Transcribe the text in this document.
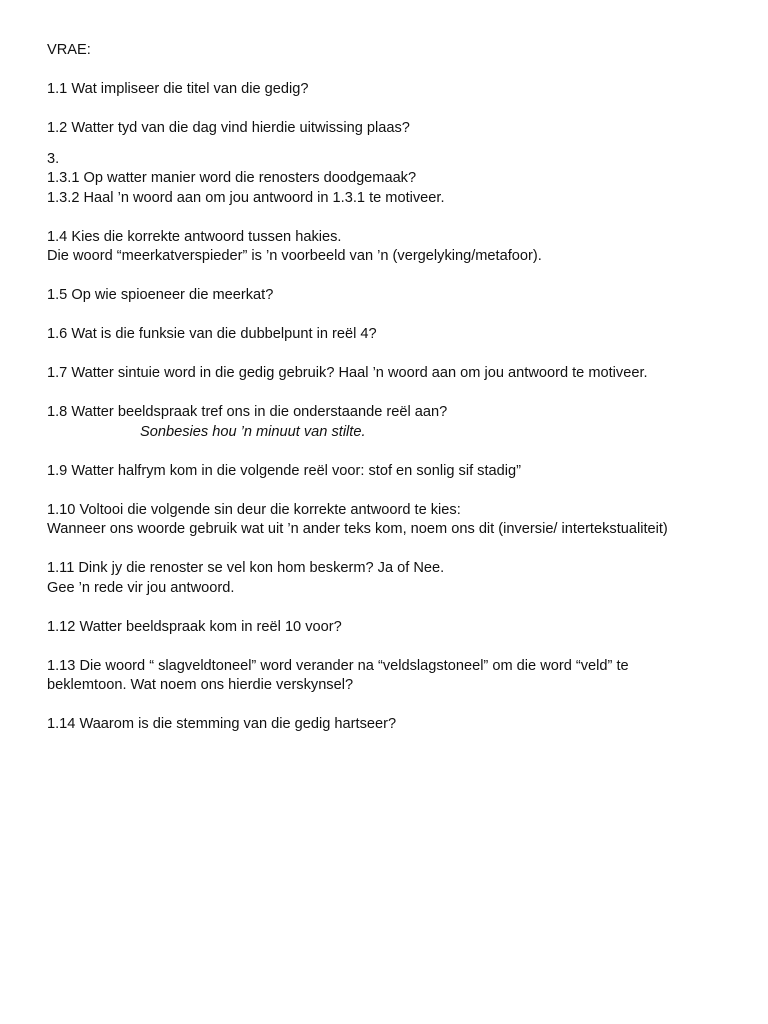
VRAE:
1.1 Wat impliseer die titel van die gedig?
1.2 Watter tyd van die dag vind hierdie uitwissing plaas?
3.
1.3.1 Op watter manier word die renosters doodgemaak?
1.3.2 Haal ’n woord aan om jou antwoord in 1.3.1 te motiveer.
1.4 Kies die korrekte antwoord tussen hakies.
Die woord “meerkatverspieder” is ’n voorbeeld van ’n (vergelyking/metafoor).
1.5 Op wie spioeneer die meerkat?
1.6 Wat is die funksie van die dubbelpunt in reël 4?
1.7 Watter sintuie word in die gedig gebruik? Haal ’n woord aan om jou antwoord te motiveer.
1.8 Watter beeldspraak tref ons in die onderstaande reël aan?
Sonbesies hou ’n minuut van stilte.
1.9 Watter halfrym kom in die volgende reël voor: stof en sonlig sif stadig”
1.10 Voltooi die volgende sin deur die korrekte antwoord te kies:
Wanneer ons woorde gebruik wat uit ’n ander teks kom, noem ons dit (inversie/ intertekstualiteit)
1.11 Dink jy die renoster se vel kon hom beskerm? Ja of Nee.
Gee ’n rede vir jou antwoord.
1.12 Watter beeldspraak kom in reël 10 voor?
1.13 Die woord “ slagveldtoneel” word verander na “veldslagstoneel” om die word “veld” te
beklemtoon. Wat noem ons hierdie verskynsel?
1.14 Waarom is die stemming van die gedig hartseer?
